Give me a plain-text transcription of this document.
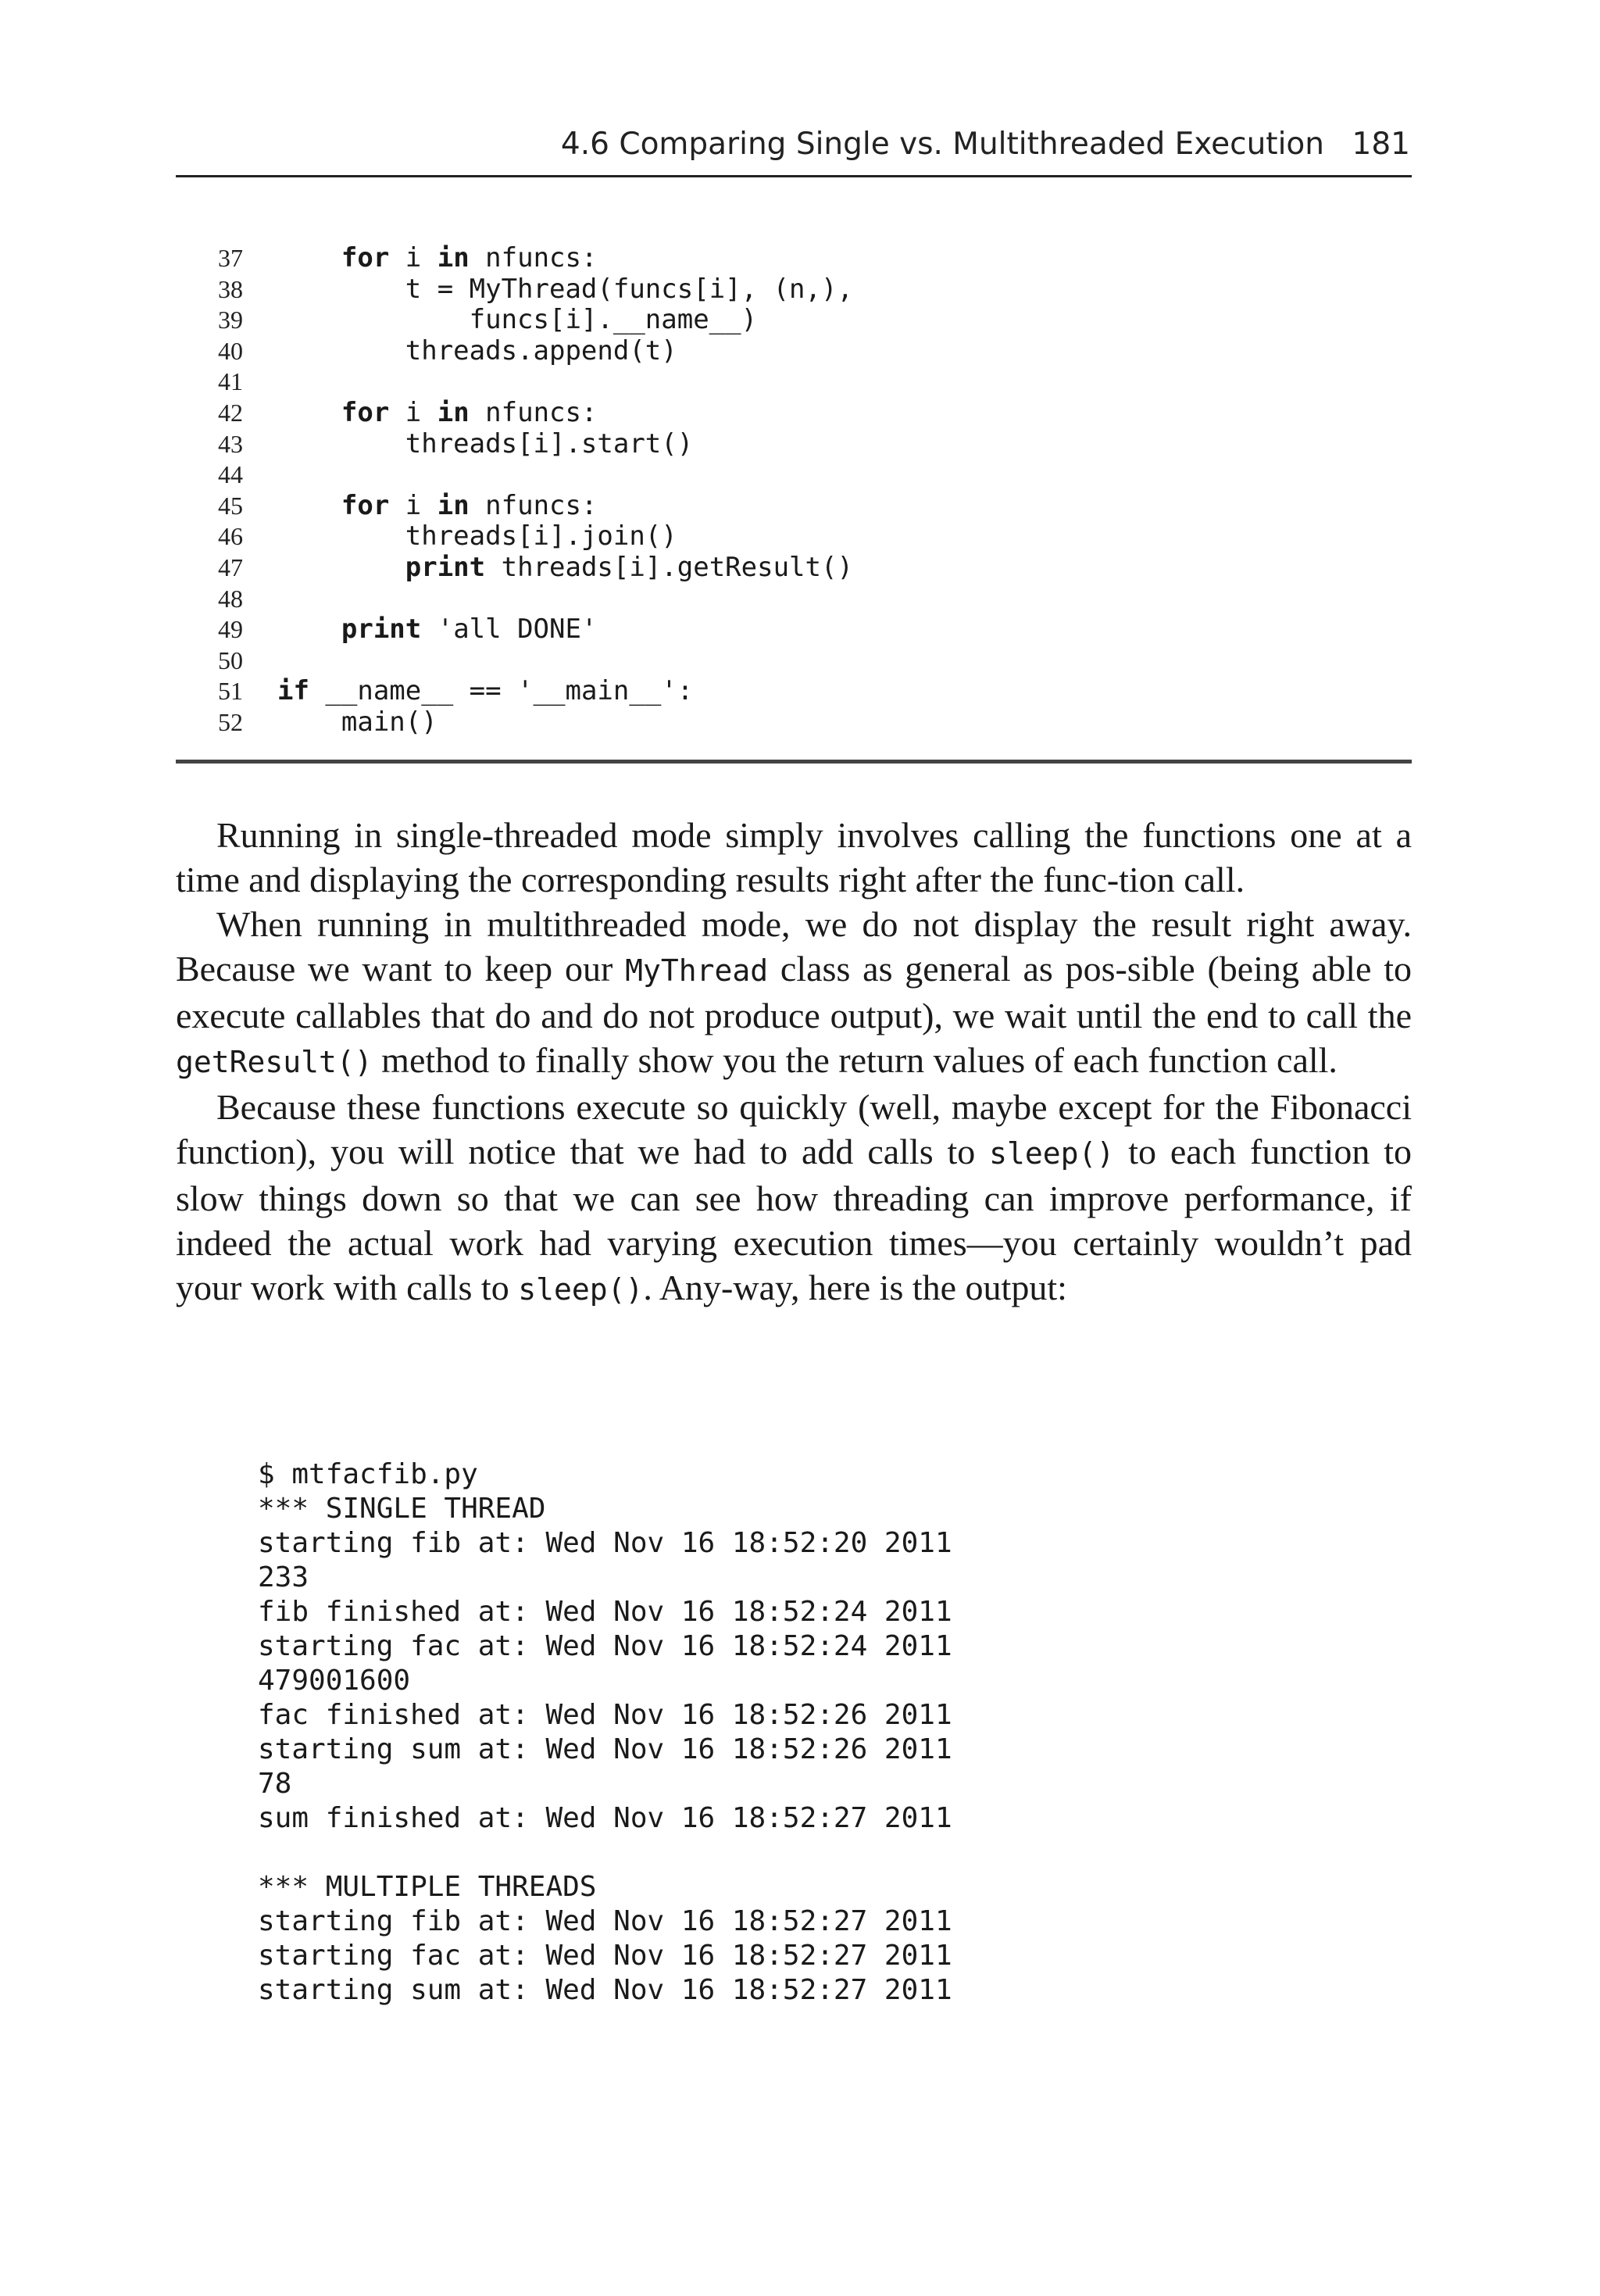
4.6 Comparing Single vs. Multithreaded Execution 181
37	for i in nfuncs:
38	t = MyThread(funcs[i], (n,),
39	funcs[i].__name__)
40	threads.append(t)
41
42	for i in nfuncs:
43	threads[i].start()
44
45	for i in nfuncs:
46	threads[i].join()
47	print threads[i].getResult()
48
49	print 'all DONE'
50
51 if __name__ == '__main__':
52	main()

Running in single-threaded mode simply involves calling the functions one at a time and displaying the corresponding results right after the func-tion call.

When running in multithreaded mode, we do not display the result right away. Because we want to keep our MyThread class as general as pos-sible (being able to execute callables that do and do not produce output), we wait until the end to call the getResult() method to finally show you the return values of each function call.

Because these functions execute so quickly (well, maybe except for the Fibonacci function), you will notice that we had to add calls to sleep() to each function to slow things down so that we can see how threading can improve performance, if indeed the actual work had varying execution times—you certainly wouldn’t pad your work with calls to sleep(). Any-way, here is the output:

$ mtfacfib.py
*** SINGLE THREAD
starting fib at: Wed Nov 16 18:52:20 2011
233
fib finished at: Wed Nov 16 18:52:24 2011
starting fac at: Wed Nov 16 18:52:24 2011
479001600
fac finished at: Wed Nov 16 18:52:26 2011
starting sum at: Wed Nov 16 18:52:26 2011
78
sum finished at: Wed Nov 16 18:52:27 2011
*** MULTIPLE THREADS
starting fib at: Wed Nov 16 18:52:27 2011
starting fac at: Wed Nov 16 18:52:27 2011
starting sum at: Wed Nov 16 18:52:27 2011
